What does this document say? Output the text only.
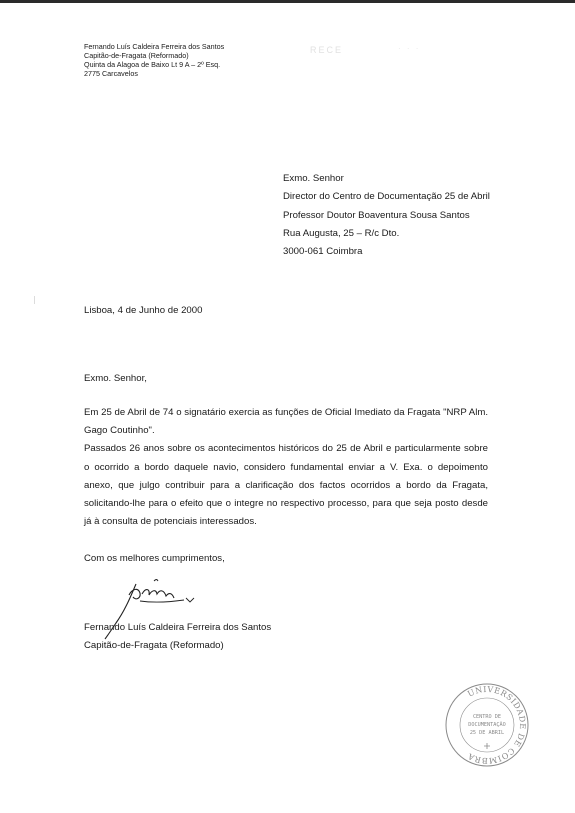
RECE	· · ·
Fernando Luís Caldeira Ferreira dos Santos
Capitão-de-Fragata (Reformado)
Quinta da Alagoa de Baixo Lt 9 A – 2º Esq.
2775 Carcavelos
Exmo. Senhor
Director do Centro de Documentação 25 de Abril
Professor Doutor Boaventura Sousa Santos
Rua Augusta, 25 – R/c Dto.
3000-061 Coimbra
Lisboa, 4 de Junho de 2000
Exmo. Senhor,

Em 25 de Abril de 74 o signatário exercia as funções de Oficial Imediato da Fragata "NRP Alm. Gago Coutinho".

Passados 26 anos sobre os acontecimentos históricos do 25 de Abril e particularmente sobre o ocorrido a bordo daquele navio, considero fundamental enviar a V. Exa. o depoimento anexo, que julgo contribuir para a clarificação dos factos ocorridos a bordo da Fragata, solicitando-lhe para o efeito que o integre no respectivo processo, para que seja posto desde já à consulta de potenciais interessados.

Com os melhores cumprimentos,
Fernando Luís Caldeira Ferreira dos Santos
Capitão-de-Fragata (Reformado)
UNIVERSIDADE DE COIMBRA
CENTRO DE
DOCUMENTAÇÃO
25 DE ABRIL
